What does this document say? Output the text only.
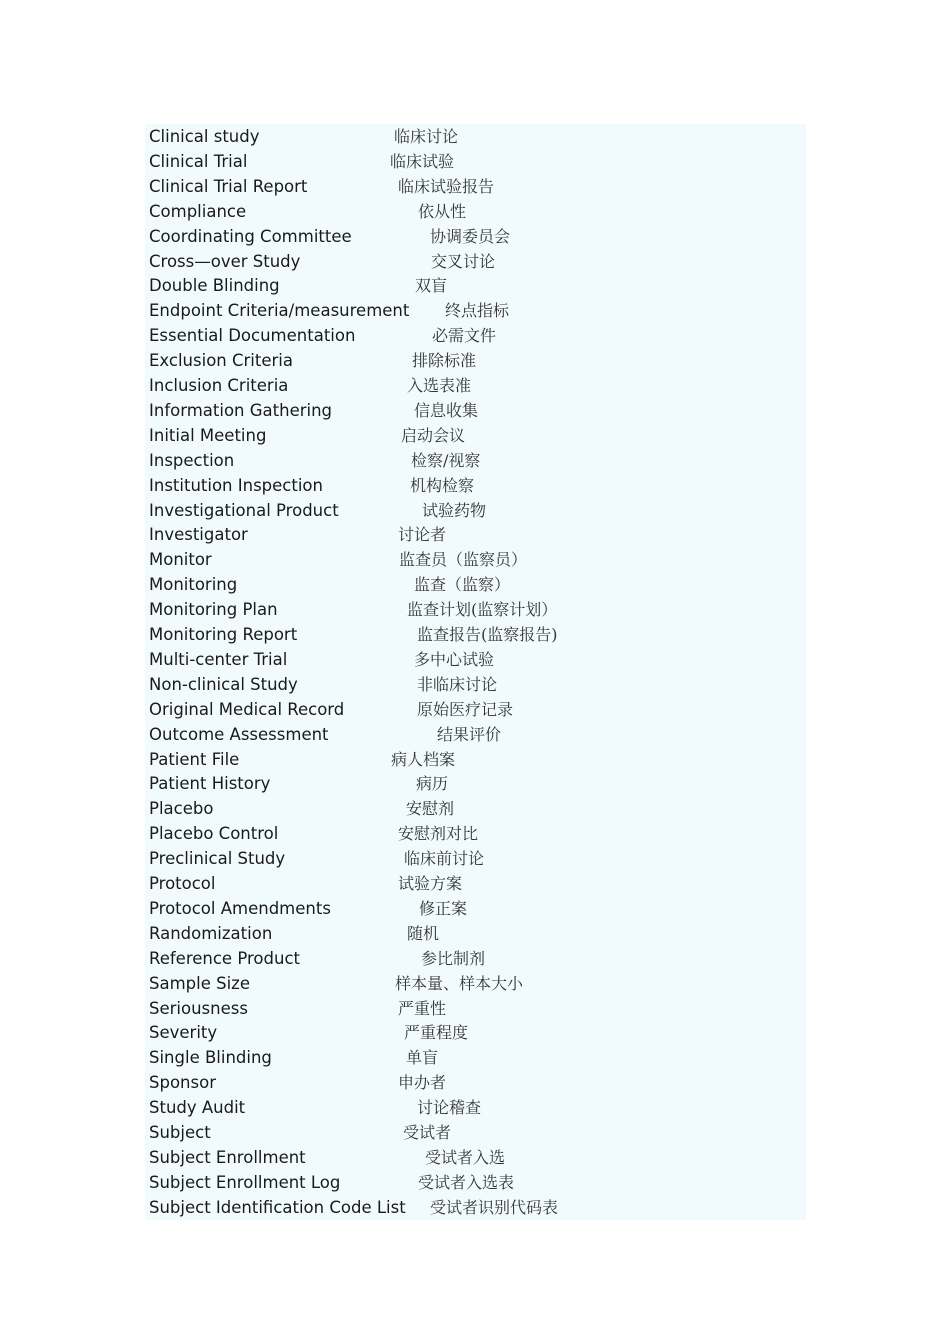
Clinical study	临床讨论
Clinical Trial	临床试验
Clinical Trial Report	临床试验报告
Compliance	依从性
Coordinating Committee	协调委员会
Cross—over Study	交叉讨论
Double Blinding	双盲
Endpoint Criteria/measurement 终点指标
Essential Documentation	必需文件
Exclusion Criteria	排除标准
Inclusion Criteria	入选表准
Information Gathering	信息收集
Initial Meeting	启动会议
Inspection	检察/视察
Institution Inspection	机构检察
Investigational Product	试验药物
Investigator	讨论者
Monitor	监查员（监察员）
Monitoring	监查（监察）
Monitoring Plan	监查计划(监察计划）
Monitoring Report	监查报告(监察报告)
Multi-center Trial	多中心试验
Non-clinical Study	非临床讨论
Original Medical Record	原始医疗记录
Outcome Assessment	结果评价
Patient File	病人档案
Patient History	病历
Placebo	安慰剂
Placebo Control	安慰剂对比
Preclinical Study	临床前讨论
Protocol	试验方案
Protocol Amendments	修正案
Randomization	随机
Reference Product	参比制剂
Sample Size	样本量、样本大小
Seriousness	严重性
Severity	严重程度
Single Blinding	单盲
Sponsor	申办者
Study Audit	讨论稽查
Subject	受试者
Subject Enrollment	受试者入选
Subject Enrollment Log	受试者入选表
Subject Identification Code List 受试者识别代码表
